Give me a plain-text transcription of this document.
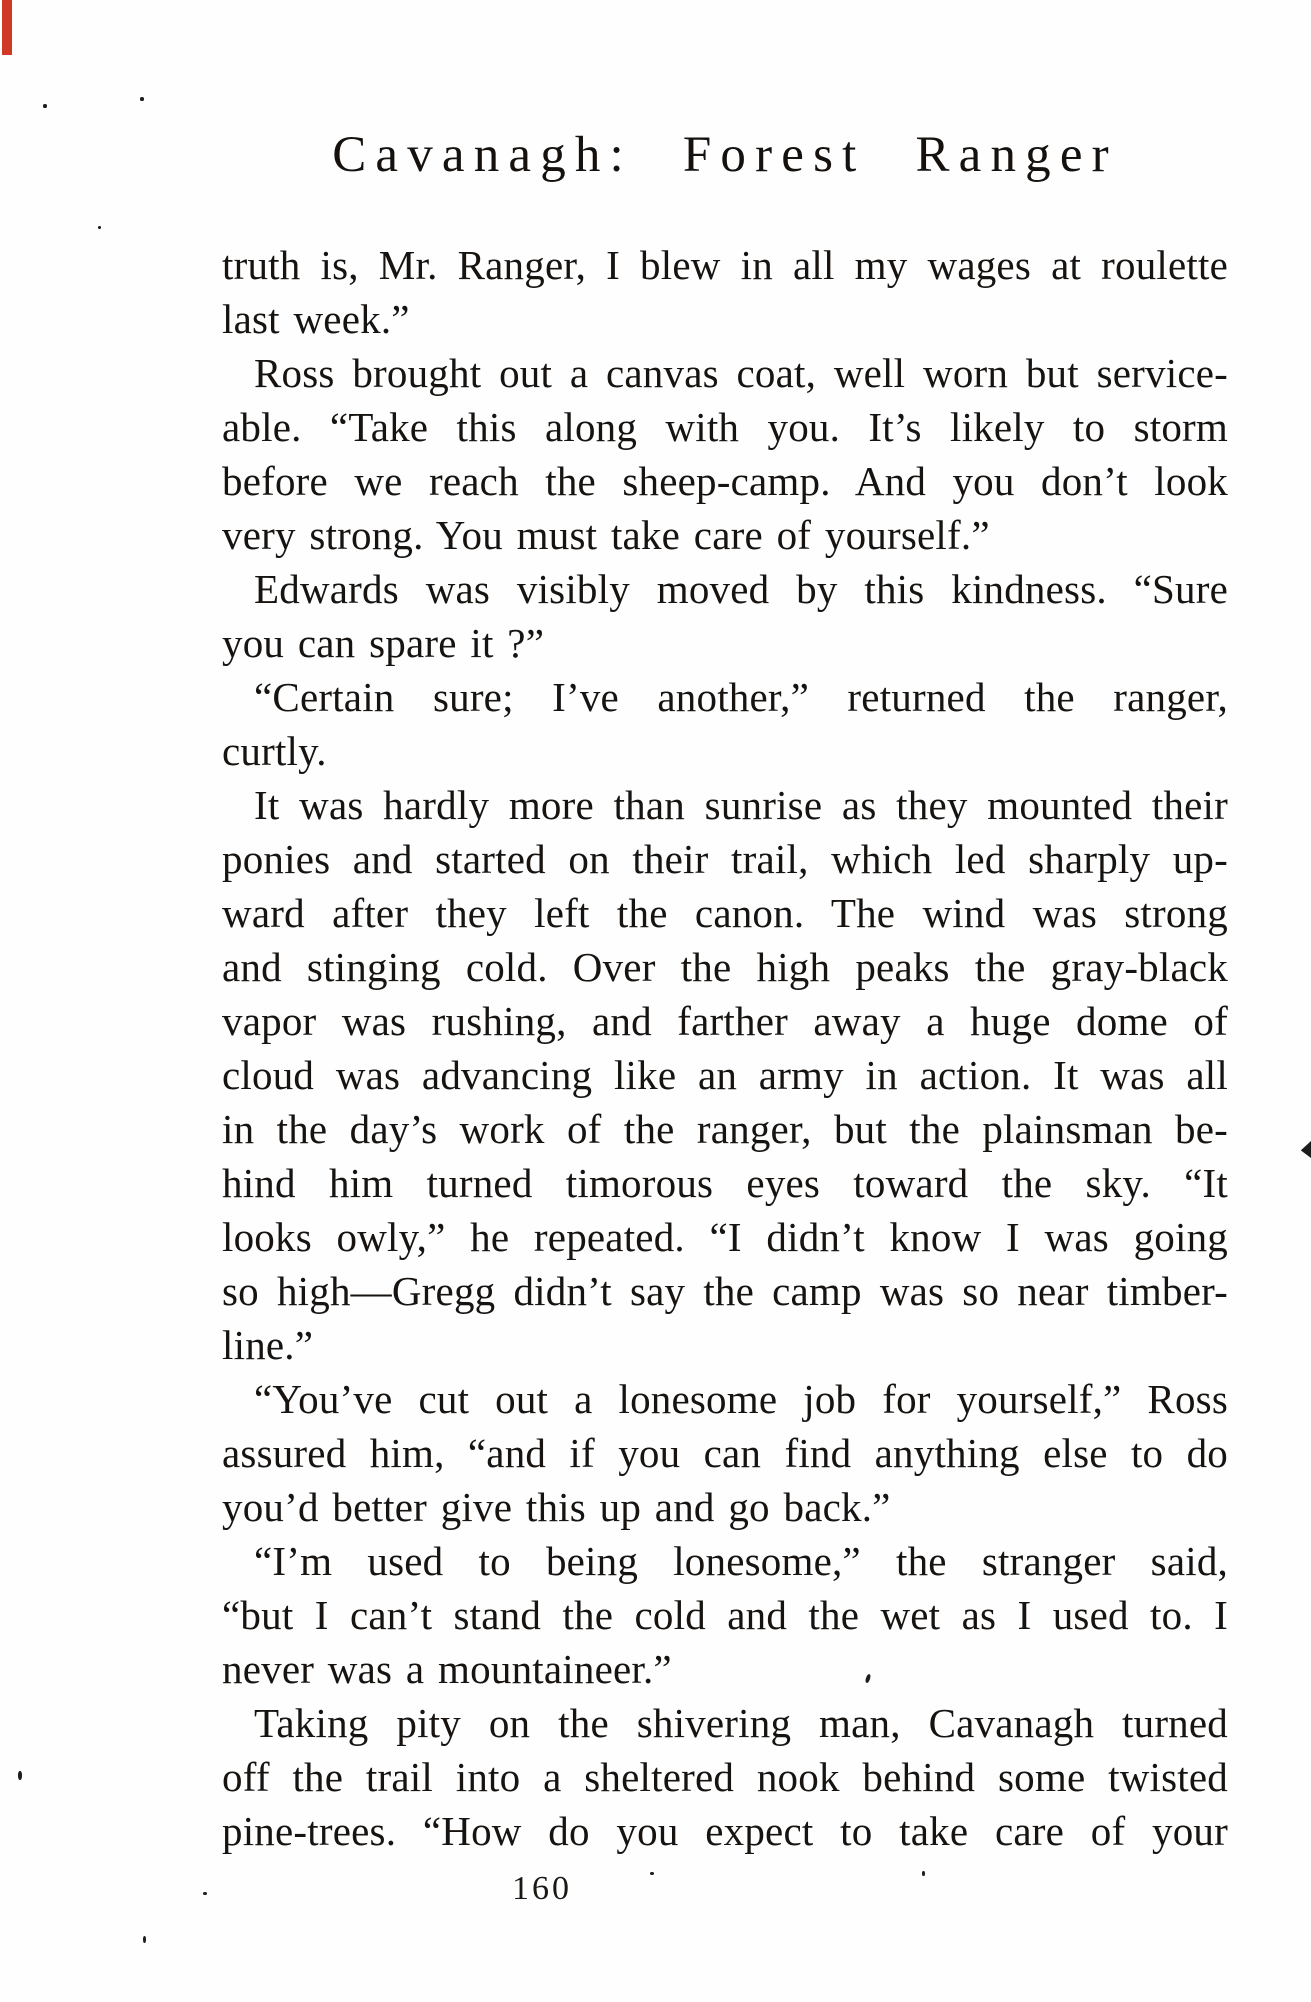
Cavanagh: Forest Ranger
truth is, Mr. Ranger, I blew in all my wages at roulette
last week.”
Ross brought out a canvas coat, well worn but service-
able. “Take this along with you. It’s likely to storm
before we reach the sheep-camp. And you don’t look
very strong. You must take care of yourself.”
Edwards was visibly moved by this kindness. “Sure
you can spare it ?”
“Certain sure; I’ve another,” returned the ranger,
curtly.
It was hardly more than sunrise as they mounted their
ponies and started on their trail, which led sharply up-
ward after they left the canon. The wind was strong
and stinging cold. Over the high peaks the gray-black
vapor was rushing, and farther away a huge dome of
cloud was advancing like an army in action. It was all
in the day’s work of the ranger, but the plainsman be-
hind him turned timorous eyes toward the sky. “It
looks owly,” he repeated. “I didn’t know I was going
so high—Gregg didn’t say the camp was so near timber-
line.”
“You’ve cut out a lonesome job for yourself,” Ross
assured him, “and if you can find anything else to do
you’d better give this up and go back.”
“I’m used to being lonesome,” the stranger said,
“but I can’t stand the cold and the wet as I used to. I
never was a mountaineer.”
Taking pity on the shivering man, Cavanagh turned
off the trail into a sheltered nook behind some twisted
pine-trees. “How do you expect to take care of your
160
